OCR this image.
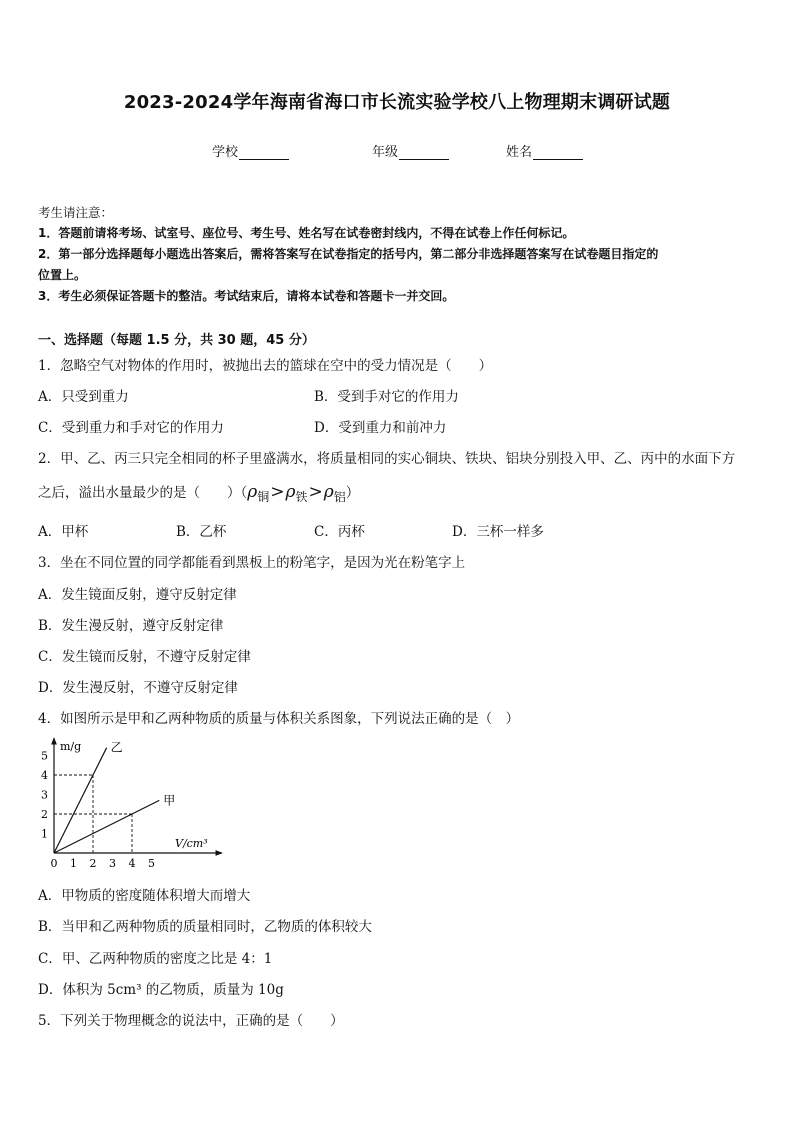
2023-2024学年海南省海口市长流实验学校八上物理期末调研试题
学校	年级	姓名
考生请注意：
1．答题前请将考场、试室号、座位号、考生号、姓名写在试卷密封线内，不得在试卷上作任何标记。
2．第一部分选择题每小题选出答案后，需将答案写在试卷指定的括号内，第二部分非选择题答案写在试卷题目指定的
位置上。
3．考生必须保证答题卡的整洁。考试结束后，请将本试卷和答题卡一并交回。
一、选择题（每题 1.5 分，共 30 题，45 分）
1．忽略空气对物体的作用时，被抛出去的篮球在空中的受力情况是（　　）
A．只受到重力	B．受到手对它的作用力
C．受到重力和手对它的作用力	D．受到重力和前冲力
2．甲、乙、丙三只完全相同的杯子里盛满水，将质量相同的实心铜块、铁块、铝块分别投入甲、乙、丙中的水面下方
之后，溢出水量最少的是（　　）（ρ铜>ρ铁>ρ铝）
A．甲杯	B．乙杯	C．丙杯	D．三杯一样多
3．坐在不同位置的同学都能看到黑板上的粉笔字，是因为光在粉笔字上
A．发生镜面反射，遵守反射定律
B．发生漫反射，遵守反射定律
C．发生镜而反射，不遵守反射定律
D．发生漫反射，不遵守反射定律
4．如图所示是甲和乙两种物质的质量与体积关系图象，下列说法正确的是（　）
m/g
V/cm³
0 1 2 3 4 5
1
2
3
4
5
乙
甲
A．甲物质的密度随体积增大而增大
B．当甲和乙两种物质的质量相同时，乙物质的体积较大
C．甲、乙两种物质的密度之比是 4：1
D．体积为 5cm³ 的乙物质，质量为 10g
5．下列关于物理概念的说法中，正确的是（　　）
